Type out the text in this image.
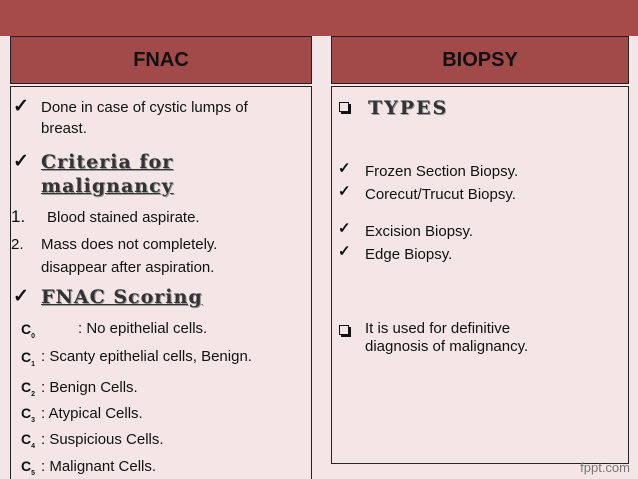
FNAC	BIOPSY
✓ Done in case of cystic lumps of
breast.
✓ Criteria for
malignancy
1. Blood stained aspirate.
2. Mass does not completely.
disappear after aspiration.
✓ FNAC Scoring
$C_0$	: No epithelial cells.
$C_1$ : Scanty epithelial cells, Benign.
$C_2$ : Benign Cells.
$C_3$ : Atypical Cells.
$C_4$ : Suspicious Cells.
$C_5$ : Malignant Cells.
TYPES
✓ Frozen Section Biopsy.
✓ Corecut/Trucut Biopsy.
✓ Excision Biopsy.
✓ Edge Biopsy.
It is used for definitive
diagnosis of malignancy.
fppt.com
